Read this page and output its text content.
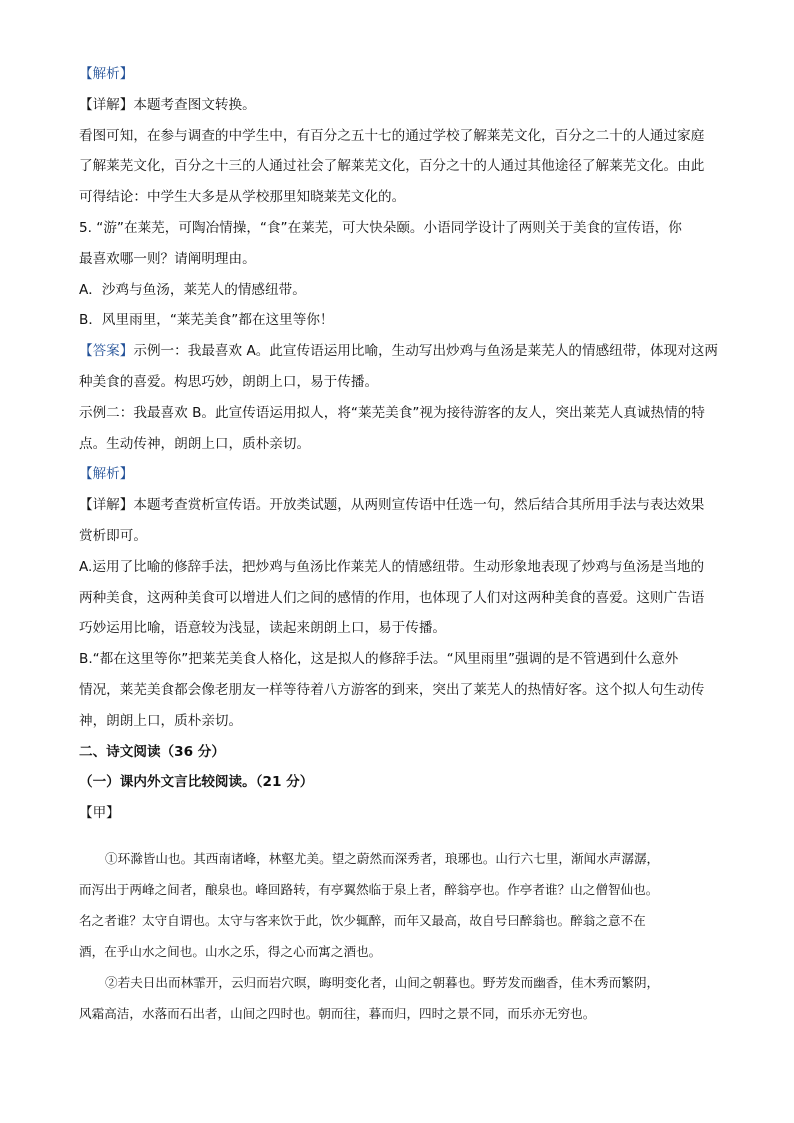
【解析】

【详解】本题考查图文转换。

看图可知，在参与调查的中学生中，有百分之五十七的通过学校了解莱芜文化，百分之二十的人通过家庭

了解莱芜文化，百分之十三的人通过社会了解莱芜文化，百分之十的人通过其他途径了解莱芜文化。由此

可得结论：中学生大多是从学校那里知晓莱芜文化的。

5. “游”在莱芜，可陶冶情操，“食”在莱芜，可大快朵颐。小语同学设计了两则关于美食的宣传语，你

最喜欢哪一则？请阐明理由。

A．沙鸡与鱼汤，莱芜人的情感纽带。

B．风里雨里，“莱芜美食”都在这里等你！

【答案】示例一：我最喜欢 A。此宣传语运用比喻，生动写出炒鸡与鱼汤是莱芜人的情感纽带，体现对这两

种美食的喜爱。构思巧妙，朗朗上口，易于传播。

示例二：我最喜欢 B。此宣传语运用拟人，将“莱芜美食”视为接待游客的友人，突出莱芜人真诚热情的特

点。生动传神，朗朗上口，质朴亲切。

【解析】

【详解】本题考查赏析宣传语。开放类试题，从两则宣传语中任选一句，然后结合其所用手法与表达效果

赏析即可。

A.运用了比喻的修辞手法，把炒鸡与鱼汤比作莱芜人的情感纽带。生动形象地表现了炒鸡与鱼汤是当地的

两种美食，这两种美食可以增进人们之间的感情的作用，也体现了人们对这两种美食的喜爱。这则广告语

巧妙运用比喻，语意较为浅显，读起来朗朗上口，易于传播。

B.“都在这里等你”把莱芜美食人格化，这是拟人的修辞手法。“风里雨里”强调的是不管遇到什么意外

情况，莱芜美食都会像老朋友一样等待着八方游客的到来，突出了莱芜人的热情好客。这个拟人句生动传

神，朗朗上口，质朴亲切。

二、诗文阅读（36 分）

（一）课内外文言比较阅读。（21 分）

【甲】

①环滁皆山也。其西南诸峰，林壑尤美。望之蔚然而深秀者，琅琊也。山行六七里，渐闻水声潺潺，

而泻出于两峰之间者，酿泉也。峰回路转，有亭翼然临于泉上者，醉翁亭也。作亭者谁？山之僧智仙也。

名之者谁？太守自谓也。太守与客来饮于此，饮少辄醉，而年又最高，故自号曰醉翁也。醉翁之意不在

酒，在乎山水之间也。山水之乐，得之心而寓之酒也。

②若夫日出而林霏开，云归而岩穴暝，晦明变化者，山间之朝暮也。野芳发而幽香，佳木秀而繁阴，

风霜高洁，水落而石出者，山间之四时也。朝而往，暮而归，四时之景不同，而乐亦无穷也。
